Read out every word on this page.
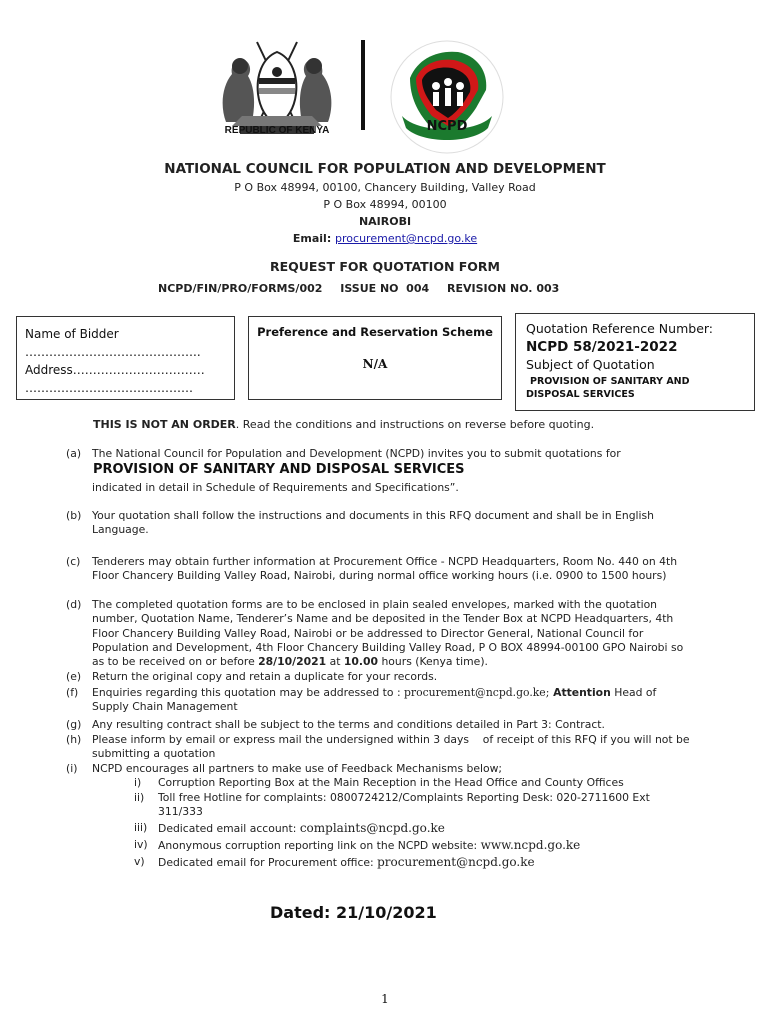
REPUBLIC OF KENYA	NCPD
NATIONAL COUNCIL FOR POPULATION AND DEVELOPMENT
P O Box 48994, 00100, Chancery Building, Valley Road
P O Box 48994, 00100
NAIROBI
Email: procurement@ncpd.go.ke
REQUEST FOR QUOTATION FORM
NCPD/FIN/PRO/FORMS/002 ISSUE NO  004 REVISION NO. 003
Name of Bidder
……………………………………..
Address……………………………
……………………………………
Preference and Reservation Scheme
N/A
Quotation Reference Number:
NCPD 58/2021-2022
Subject of Quotation
PROVISION OF SANITARY AND
DISPOSAL SERVICES
THIS IS NOT AN ORDER. Read the conditions and instructions on reverse before quoting.
(a) The National Council for Population and Development (NCPD) invites you to submit quotations for
PROVISION OF SANITARY AND DISPOSAL SERVICES
indicated in detail in Schedule of Requirements and Specifications”.
(b) Your quotation shall follow the instructions and documents in this RFQ document and shall be in English Language.
(c) Tenderers may obtain further information at Procurement Office - NCPD Headquarters, Room No. 440 on 4th Floor Chancery Building Valley Road, Nairobi, during normal office working hours (i.e. 0900 to 1500 hours)
(d) The completed quotation forms are to be enclosed in plain sealed envelopes, marked with the quotation number, Quotation Name, Tenderer’s Name and be deposited in the Tender Box at NCPD Headquarters, 4th Floor Chancery Building Valley Road, Nairobi or be addressed to Director General, National Council for Population and Development, 4th Floor Chancery Building Valley Road, P O BOX 48994-00100 GPO Nairobi so as to be received on or before 28/10/2021 at 10.00 hours (Kenya time).
(e) Return the original copy and retain a duplicate for your records.
(f) Enquiries regarding this quotation may be addressed to : procurement@ncpd.go.ke; Attention Head of Supply Chain Management
(g) Any resulting contract shall be subject to the terms and conditions detailed in Part 3: Contract.
(h) Please inform by email or express mail the undersigned within 3 days    of receipt of this RFQ if you will not be submitting a quotation
(i) NCPD encourages all partners to make use of Feedback Mechanisms below;
i) Corruption Reporting Box at the Main Reception in the Head Office and County Offices
ii) Toll free Hotline for complaints: 0800724212/Complaints Reporting Desk: 020-2711600 Ext 311/333
iii) Dedicated email account: complaints@ncpd.go.ke
iv) Anonymous corruption reporting link on the NCPD website: www.ncpd.go.ke
v) Dedicated email for Procurement office: procurement@ncpd.go.ke
Dated: 21/10/2021
1
